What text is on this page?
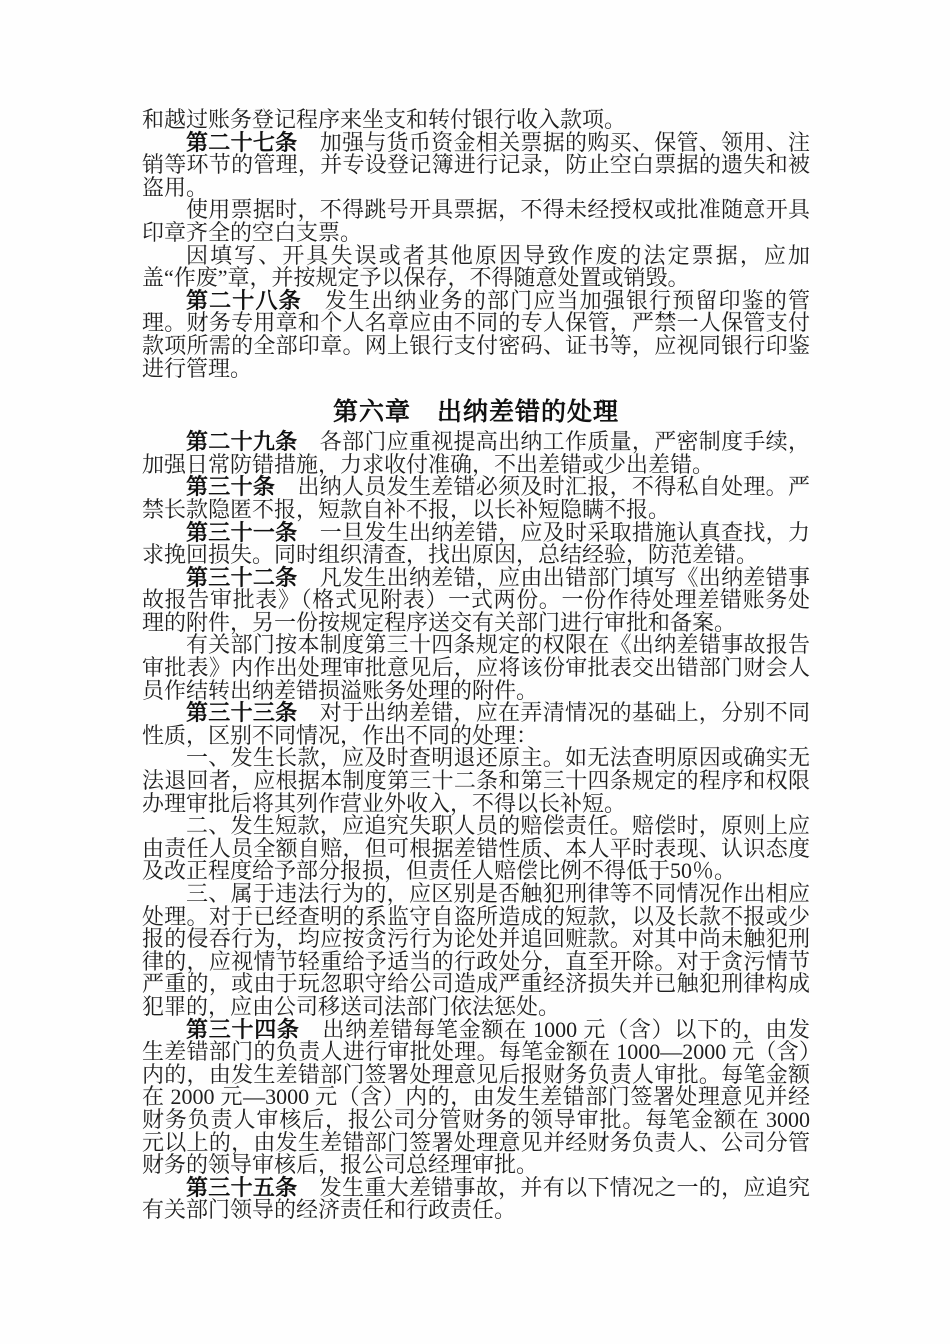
和越过账务登记程序来坐支和转付银行收入款项。

第二十七条　加强与货币资金相关票据的购买、保管、领用、注销等环节的管理，并专设登记簿进行记录，防止空白票据的遗失和被盗用。

使用票据时，不得跳号开具票据，不得未经授权或批准随意开具印章齐全的空白支票。

因填写、开具失误或者其他原因导致作废的法定票据，应加盖“作废”章，并按规定予以保存，不得随意处置或销毁。

第二十八条　发生出纳业务的部门应当加强银行预留印鉴的管理。财务专用章和个人名章应由不同的专人保管，严禁一人保管支付款项所需的全部印章。网上银行支付密码、证书等，应视同银行印鉴进行管理。

第六章　出纳差错的处理

第二十九条　各部门应重视提高出纳工作质量，严密制度手续，加强日常防错措施，力求收付准确，不出差错或少出差错。

第三十条　出纳人员发生差错必须及时汇报，不得私自处理。严禁长款隐匿不报，短款自补不报，以长补短隐瞒不报。

第三十一条　一旦发生出纳差错，应及时采取措施认真查找，力求挽回损失。同时组织清查，找出原因，总结经验，防范差错。

第三十二条　凡发生出纳差错，应由出错部门填写《出纳差错事故报告审批表》（格式见附表）一式两份。一份作待处理差错账务处理的附件，另一份按规定程序送交有关部门进行审批和备案。

有关部门按本制度第三十四条规定的权限在《出纳差错事故报告审批表》内作出处理审批意见后，应将该份审批表交出错部门财会人员作结转出纳差错损溢账务处理的附件。

第三十三条　对于出纳差错，应在弄清情况的基础上，分别不同性质，区别不同情况，作出不同的处理：

一、发生长款，应及时查明退还原主。如无法查明原因或确实无法退回者，应根据本制度第三十二条和第三十四条规定的程序和权限办理审批后将其列作营业外收入，不得以长补短。

二、发生短款，应追究失职人员的赔偿责任。赔偿时，原则上应由责任人员全额自赔，但可根据差错性质、本人平时表现、认识态度及改正程度给予部分报损，但责任人赔偿比例不得低于50％。

三、属于违法行为的，应区别是否触犯刑律等不同情况作出相应处理。对于已经查明的系监守自盗所造成的短款，以及长款不报或少报的侵吞行为，均应按贪污行为论处并追回赃款。对其中尚未触犯刑律的，应视情节轻重给予适当的行政处分，直至开除。对于贪污情节严重的，或由于玩忽职守给公司造成严重经济损失并已触犯刑律构成犯罪的，应由公司移送司法部门依法惩处。

第三十四条　出纳差错每笔金额在 1000 元（含）以下的，由发生差错部门的负责人进行审批处理。每笔金额在 1000—2000 元（含）内的，由发生差错部门签署处理意见后报财务负责人审批。每笔金额在 2000 元—3000 元（含）内的，由发生差错部门签署处理意见并经财务负责人审核后，报公司分管财务的领导审批。每笔金额在 3000 元以上的，由发生差错部门签署处理意见并经财务负责人、公司分管财务的领导审核后，报公司总经理审批。

第三十五条　发生重大差错事故，并有以下情况之一的，应追究有关部门领导的经济责任和行政责任。
